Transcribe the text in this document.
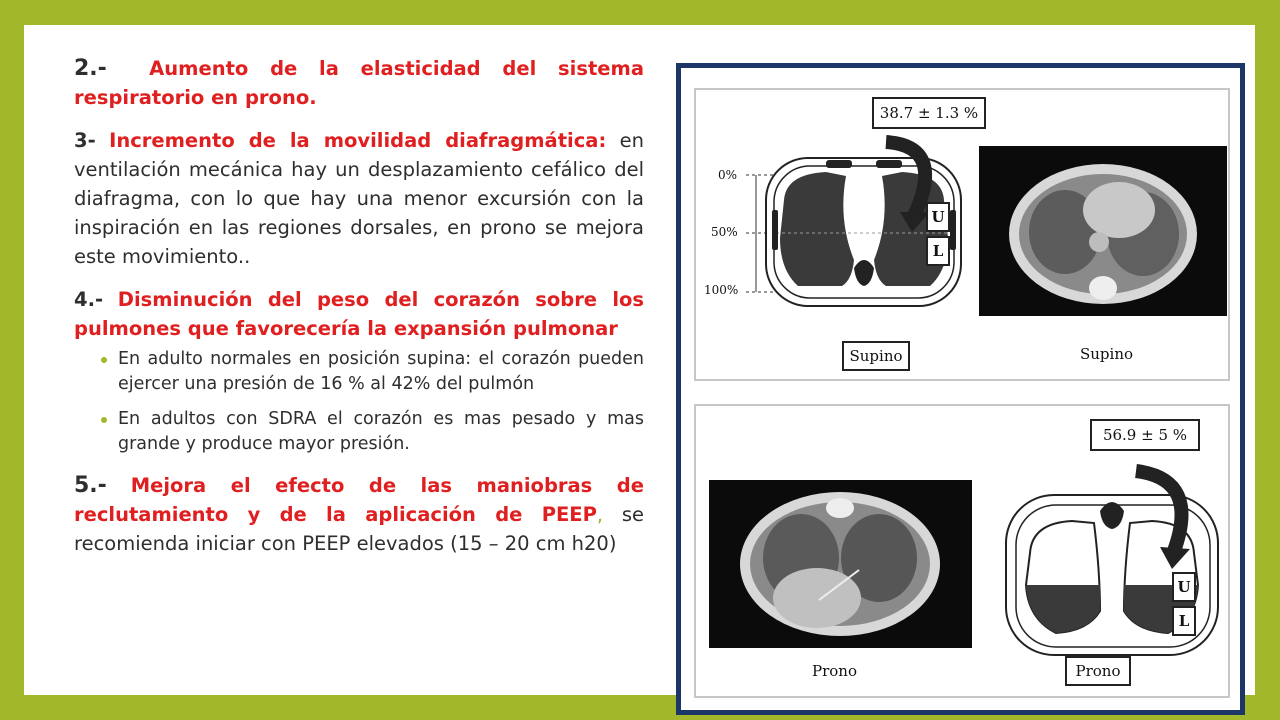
2.- Aumento de la elasticidad del sistema respiratorio en prono.

3- Incremento de la movilidad diafragmática: en ventilación mecánica hay un desplazamiento cefálico del diafragma, con lo que hay una menor excursión con la inspiración en las regiones dorsales, en prono se mejora este movimiento..

4.- Disminución del peso del corazón sobre los pulmones que favorecería la expansión pulmonar

En adulto normales en posición supina: el corazón pueden ejercer una presión de 16 % al 42% del pulmón
En adultos con SDRA el corazón es mas pesado y mas grande y produce mayor presión.

5.- Mejora el efecto de las maniobras de reclutamiento y de la aplicación de PEEP, se recomienda iniciar con PEEP elevados (15 – 20 cm h20)

38.7 ± 1.3 %
0%
50%
100%
U
L
Supino	Supino
56.9 ± 5 %
U
L
Prono	Prono
